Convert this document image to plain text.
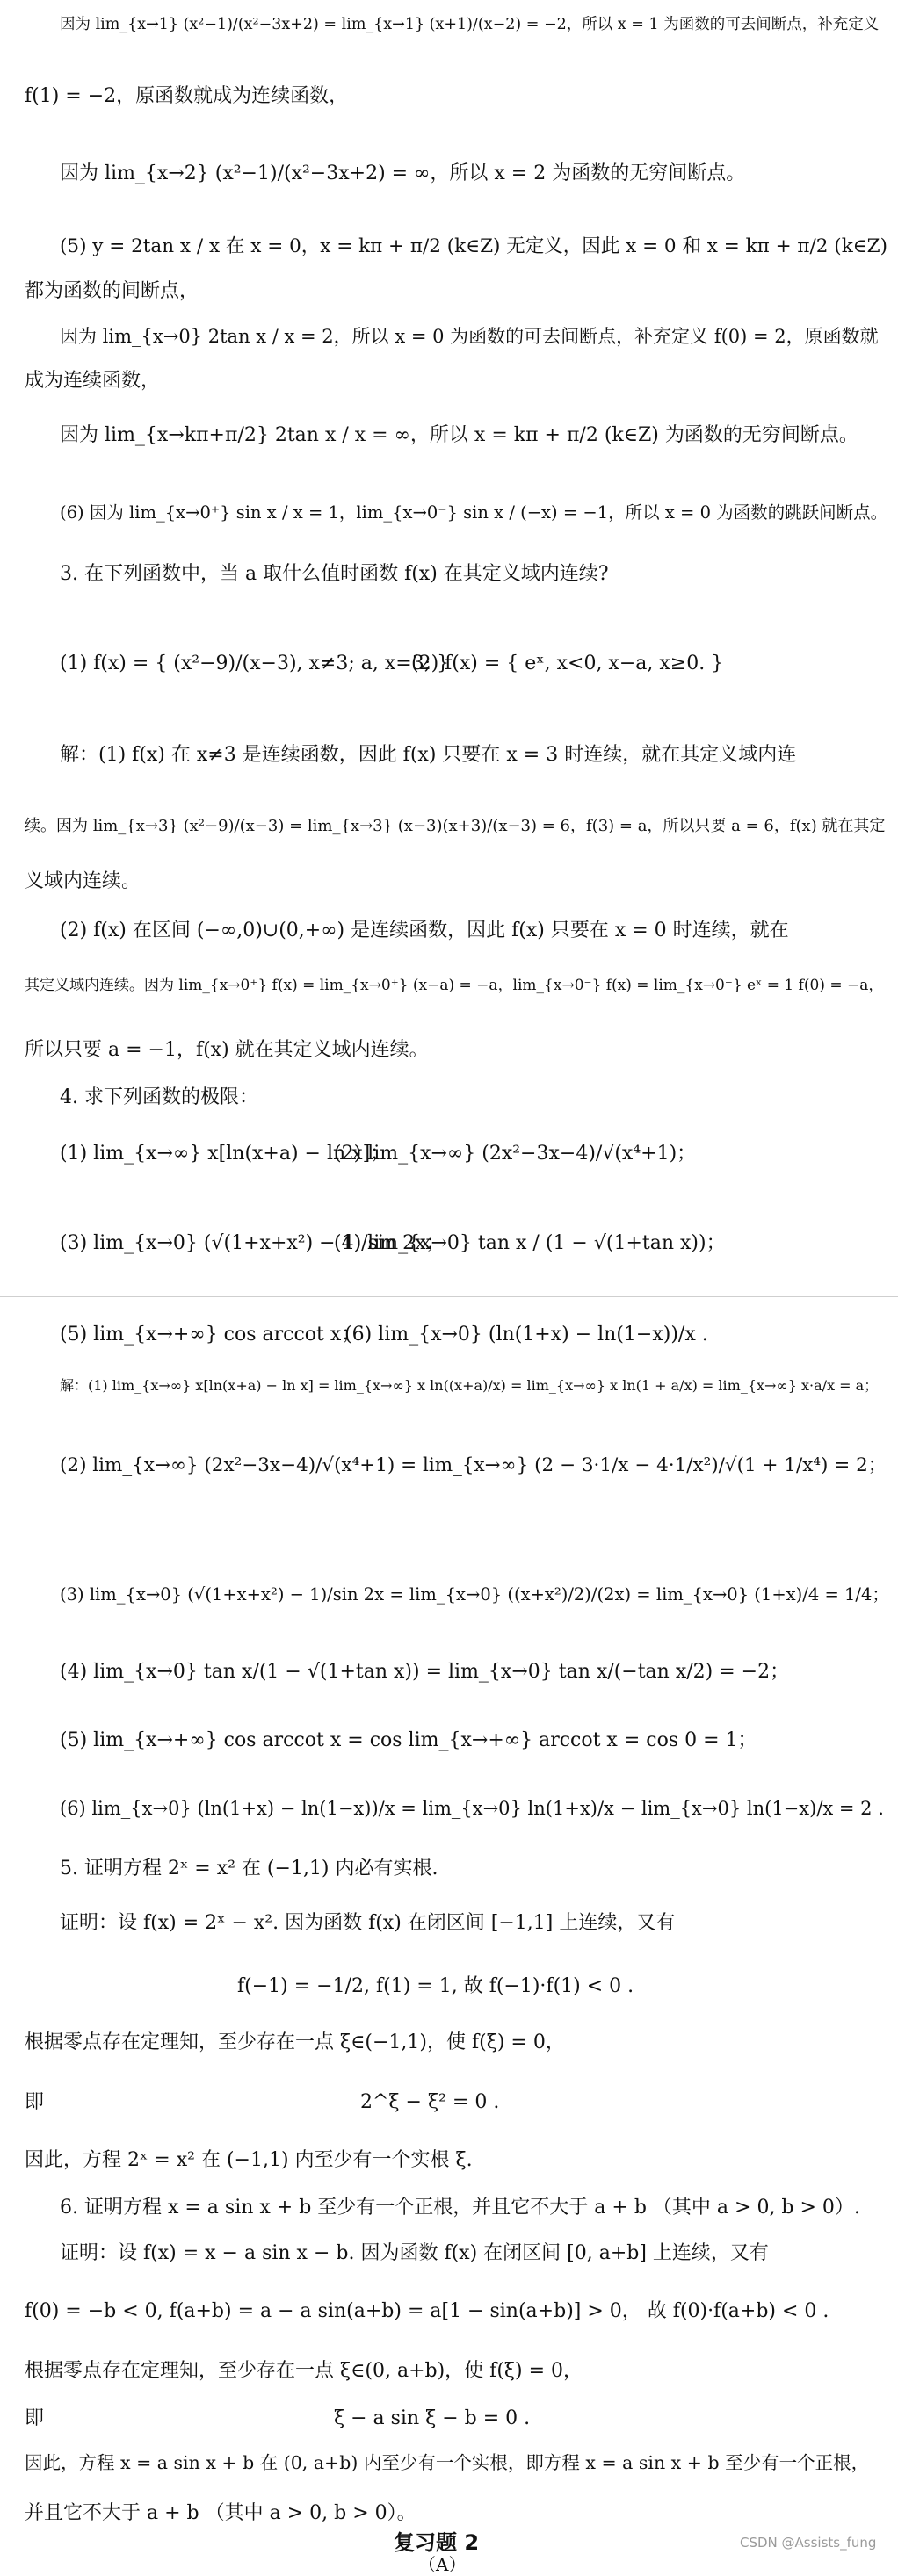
因为 lim_{x→1} (x²−1)/(x²−3x+2) = lim_{x→1} (x+1)/(x−2) = −2，所以 x = 1 为函数的可去间断点，补充定义
f(1) = −2，原函数就成为连续函数，
因为 lim_{x→2} (x²−1)/(x²−3x+2) = ∞，所以 x = 2 为函数的无穷间断点。
(5) y = 2tan x / x 在 x = 0，x = kπ + π/2 (k∈Z) 无定义，因此 x = 0 和 x = kπ + π/2 (k∈Z)
都为函数的间断点，
因为 lim_{x→0} 2tan x / x = 2，所以 x = 0 为函数的可去间断点，补充定义 f(0) = 2，原函数就
成为连续函数，
因为 lim_{x→kπ+π/2} 2tan x / x = ∞，所以 x = kπ + π/2 (k∈Z) 为函数的无穷间断点。
(6) 因为 lim_{x→0⁺} sin x / x = 1，lim_{x→0⁻} sin x / (−x) = −1，所以 x = 0 为函数的跳跃间断点。
3. 在下列函数中，当 a 取什么值时函数 f(x) 在其定义域内连续?
(1) f(x) = { (x²−9)/(x−3), x≠3; a, x=3; }
(2) f(x) = { eˣ, x<0, x−a, x≥0. }
解：(1) f(x) 在 x≠3 是连续函数，因此 f(x) 只要在 x = 3 时连续，就在其定义域内连
续。因为 lim_{x→3} (x²−9)/(x−3) = lim_{x→3} (x−3)(x+3)/(x−3) = 6，f(3) = a，所以只要 a = 6，f(x) 就在其定
义域内连续。
(2) f(x) 在区间 (−∞,0)∪(0,+∞) 是连续函数，因此 f(x) 只要在 x = 0 时连续，就在
其定义域内连续。因为 lim_{x→0⁺} f(x) = lim_{x→0⁺} (x−a) = −a，lim_{x→0⁻} f(x) = lim_{x→0⁻} eˣ = 1 f(0) = −a，
所以只要 a = −1，f(x) 就在其定义域内连续。
4. 求下列函数的极限：
(1) lim_{x→∞} x[ln(x+a) − ln x]；
(2) lim_{x→∞} (2x²−3x−4)/√(x⁴+1)；
(3) lim_{x→0} (√(1+x+x²) − 1)/sin 2x；
(4) lim_{x→0} tan x / (1 − √(1+tan x))；
(5) lim_{x→+∞} cos arccot x；
(6) lim_{x→0} (ln(1+x) − ln(1−x))/x .
解：(1) lim_{x→∞} x[ln(x+a) − ln x] = lim_{x→∞} x ln((x+a)/x) = lim_{x→∞} x ln(1 + a/x) = lim_{x→∞} x·a/x = a；
(2) lim_{x→∞} (2x²−3x−4)/√(x⁴+1) = lim_{x→∞} (2 − 3·1/x − 4·1/x²)/√(1 + 1/x⁴) = 2；
(3) lim_{x→0} (√(1+x+x²) − 1)/sin 2x = lim_{x→0} ((x+x²)/2)/(2x) = lim_{x→0} (1+x)/4 = 1/4；
(4) lim_{x→0} tan x/(1 − √(1+tan x)) = lim_{x→0} tan x/(−tan x/2) = −2；
(5) lim_{x→+∞} cos arccot x = cos lim_{x→+∞} arccot x = cos 0 = 1；
(6) lim_{x→0} (ln(1+x) − ln(1−x))/x = lim_{x→0} ln(1+x)/x − lim_{x→0} ln(1−x)/x = 2 .
5. 证明方程 2ˣ = x² 在 (−1,1) 内必有实根.
证明：设 f(x) = 2ˣ − x². 因为函数 f(x) 在闭区间 [−1,1] 上连续，又有
f(−1) = −1/2, f(1) = 1, 故 f(−1)·f(1) < 0 .
根据零点存在定理知，至少存在一点 ξ∈(−1,1)，使 f(ξ) = 0，
即	2^ξ − ξ² = 0 .
因此，方程 2ˣ = x² 在 (−1,1) 内至少有一个实根 ξ.
6. 证明方程 x = a sin x + b 至少有一个正根，并且它不大于 a + b （其中 a > 0, b > 0）.
证明：设 f(x) = x − a sin x − b. 因为函数 f(x) 在闭区间 [0, a+b] 上连续，又有
f(0) = −b < 0, f(a+b) = a − a sin(a+b) = a[1 − sin(a+b)] > 0， 故 f(0)·f(a+b) < 0 .
根据零点存在定理知，至少存在一点 ξ∈(0, a+b)，使 f(ξ) = 0，
即	ξ − a sin ξ − b = 0 .
因此，方程 x = a sin x + b 在 (0, a+b) 内至少有一个实根，即方程 x = a sin x + b 至少有一个正根，
并且它不大于 a + b （其中 a > 0, b > 0）。
复习题 2
（A）
CSDN @Assists_fung
